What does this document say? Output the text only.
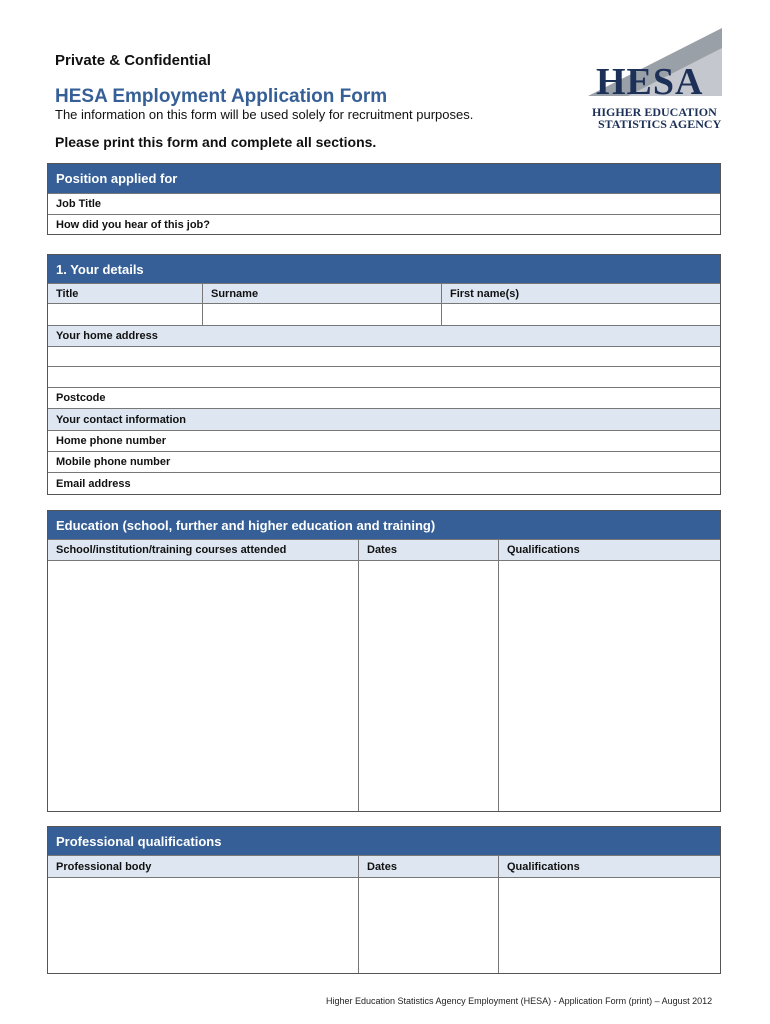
Private & Confidential
HESA Employment Application Form
The information on this form will be used solely for recruitment purposes.
Please print this form and complete all sections.
HESA
HIGHER EDUCATION
STATISTICS AGENCY
Position applied for
Job Title
How did you hear of this job?
1. Your details
Title	Surname	First name(s)
Your home address
Postcode
Your contact information
Home phone number
Mobile phone number
Email address
Education (school, further and higher education and training)
School/institution/training courses attended	Dates	Qualifications
Professional qualifications
Professional body	Dates	Qualifications
Higher Education Statistics Agency Employment (HESA) - Application Form (print) – August 2012
